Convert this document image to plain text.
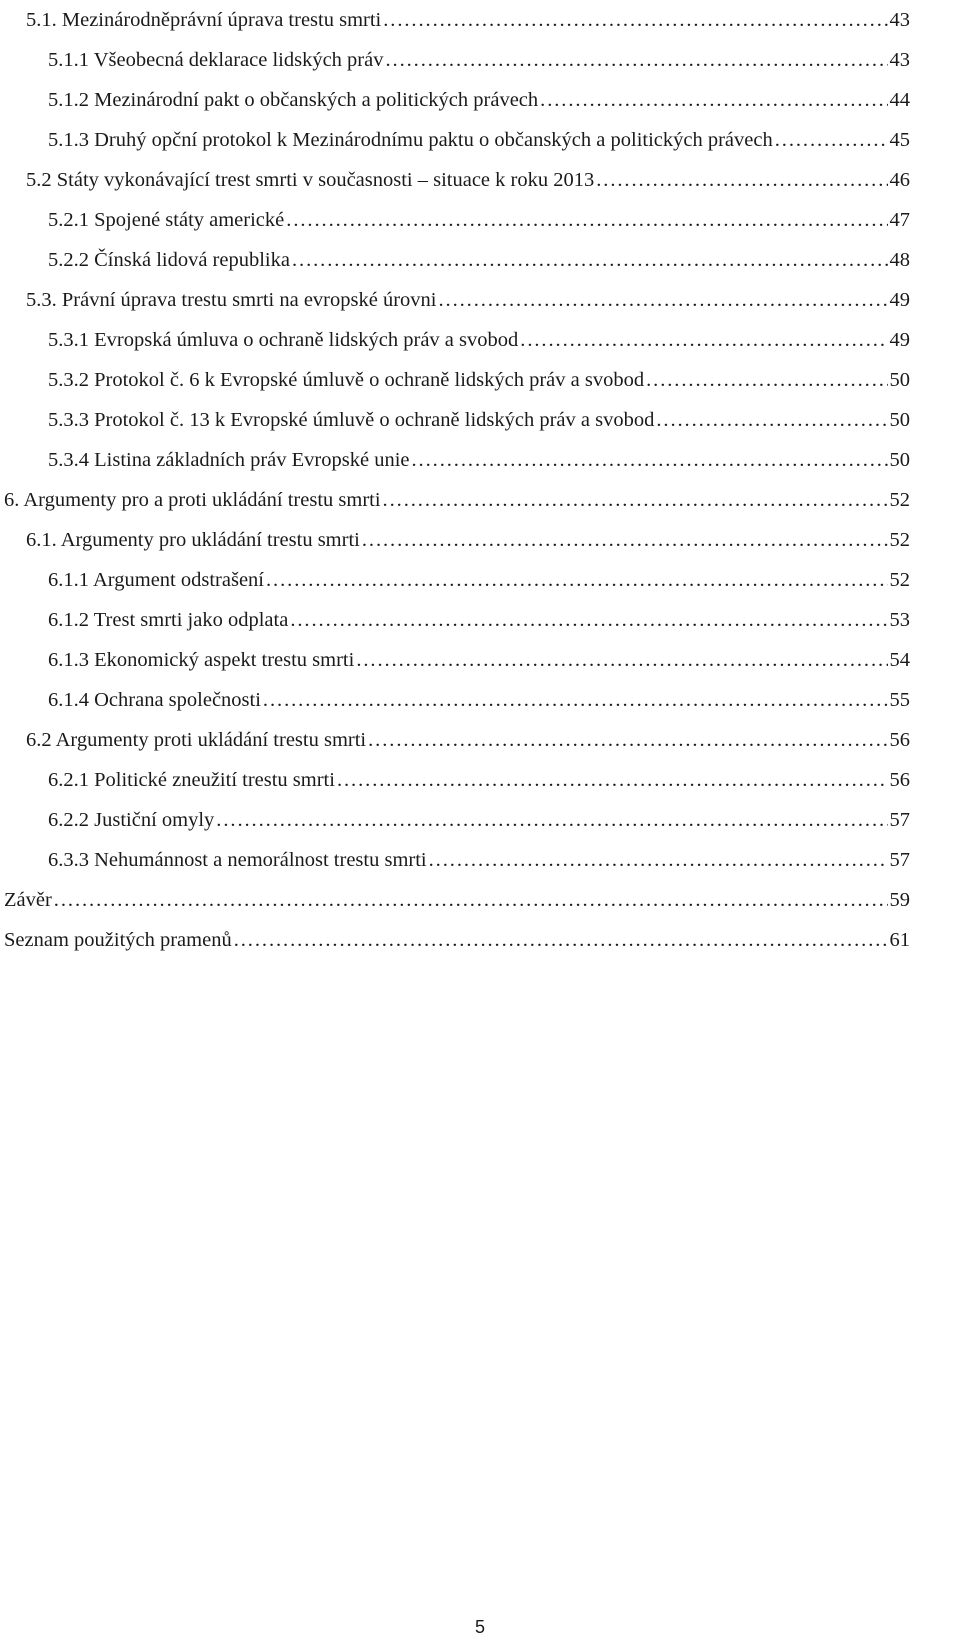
5.1. Mezinárodněprávní úprava trestu smrti . . .	43
5.1.1 Všeobecná deklarace lidských práv . . .	43
5.1.2 Mezinárodní pakt o občanských a politických právech . . .	44
5.1.3 Druhý opční protokol k Mezinárodnímu paktu o občanských a politických právech . . .	45
5.2 Státy vykonávající trest smrti v současnosti – situace k roku 2013 . . .	46
5.2.1 Spojené státy americké . . .	47
5.2.2 Čínská lidová republika . . .	48
5.3. Právní úprava trestu smrti na evropské úrovni . . .	49
5.3.1 Evropská úmluva o ochraně lidských práv a svobod . . .	49
5.3.2 Protokol č. 6 k Evropské úmluvě o ochraně lidských práv a svobod . . .	50
5.3.3 Protokol č. 13 k Evropské úmluvě o ochraně lidských práv a svobod . . .	50
5.3.4 Listina základních práv Evropské unie . . .	50
6. Argumenty pro a proti ukládání trestu smrti . . .	52
6.1. Argumenty pro ukládání trestu smrti . . .	52
6.1.1 Argument odstrašení . . .	52
6.1.2 Trest smrti jako odplata . . .	53
6.1.3 Ekonomický aspekt trestu smrti . . .	54
6.1.4 Ochrana společnosti . . .	55
6.2 Argumenty proti ukládání trestu smrti . . .	56
6.2.1 Politické zneužití trestu smrti . . .	56
6.2.2 Justiční omyly . . .	57
6.3.3 Nehumánnost a nemorálnost trestu smrti . . .	57
Závěr . . .	59
Seznam použitých pramenů . . .	61
5
